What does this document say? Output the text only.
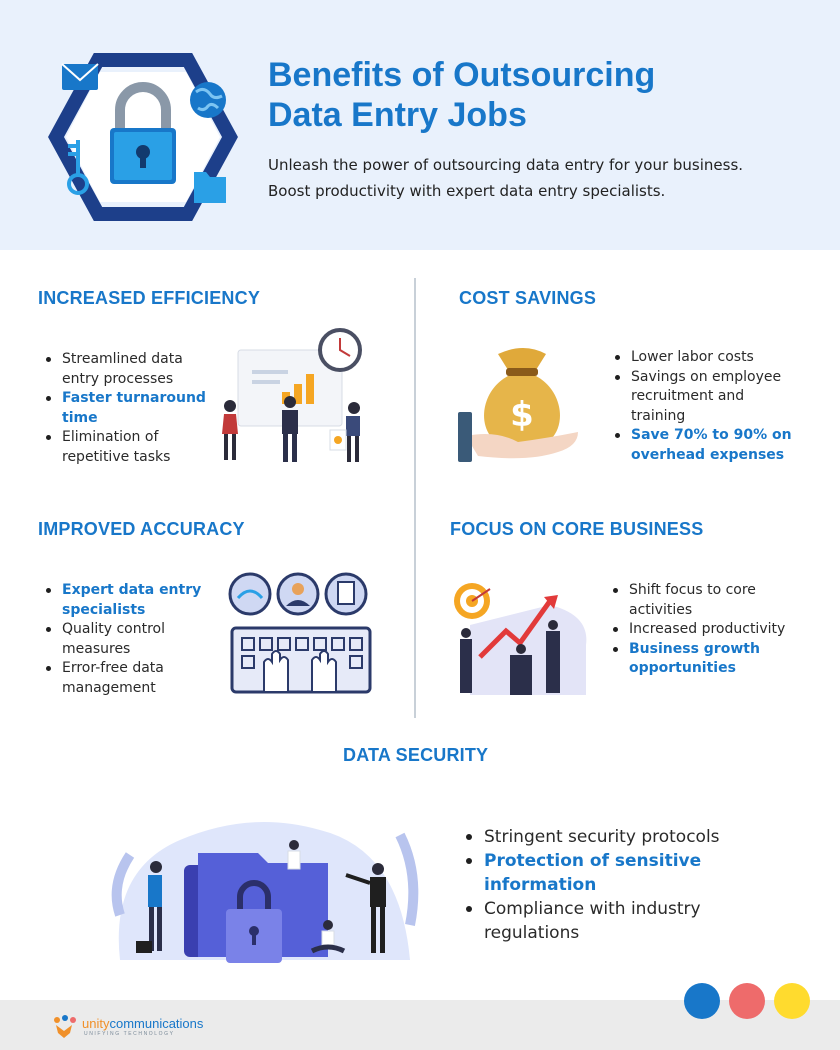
Benefits of Outsourcing
Data Entry Jobs
Unleash the power of outsourcing data entry for your business.
Boost productivity with expert data entry specialists.
INCREASED EFFICIENCY
Streamlined data entry processes
Faster turnaround time
Elimination of repetitive tasks
COST SAVINGS
$
Lower labor costs
Savings on employee recruitment and training
Save 70% to 90% on overhead expenses
IMPROVED ACCURACY
Expert data entry specialists
Quality control measures
Error-free data management
FOCUS ON CORE BUSINESS
Shift focus to core activities
Increased productivity
Business growth opportunities
DATA SECURITY
Stringent security protocols
Protection of sensitive information
Compliance with industry regulations
unitycommunications
UNIFYING TECHNOLOGY
